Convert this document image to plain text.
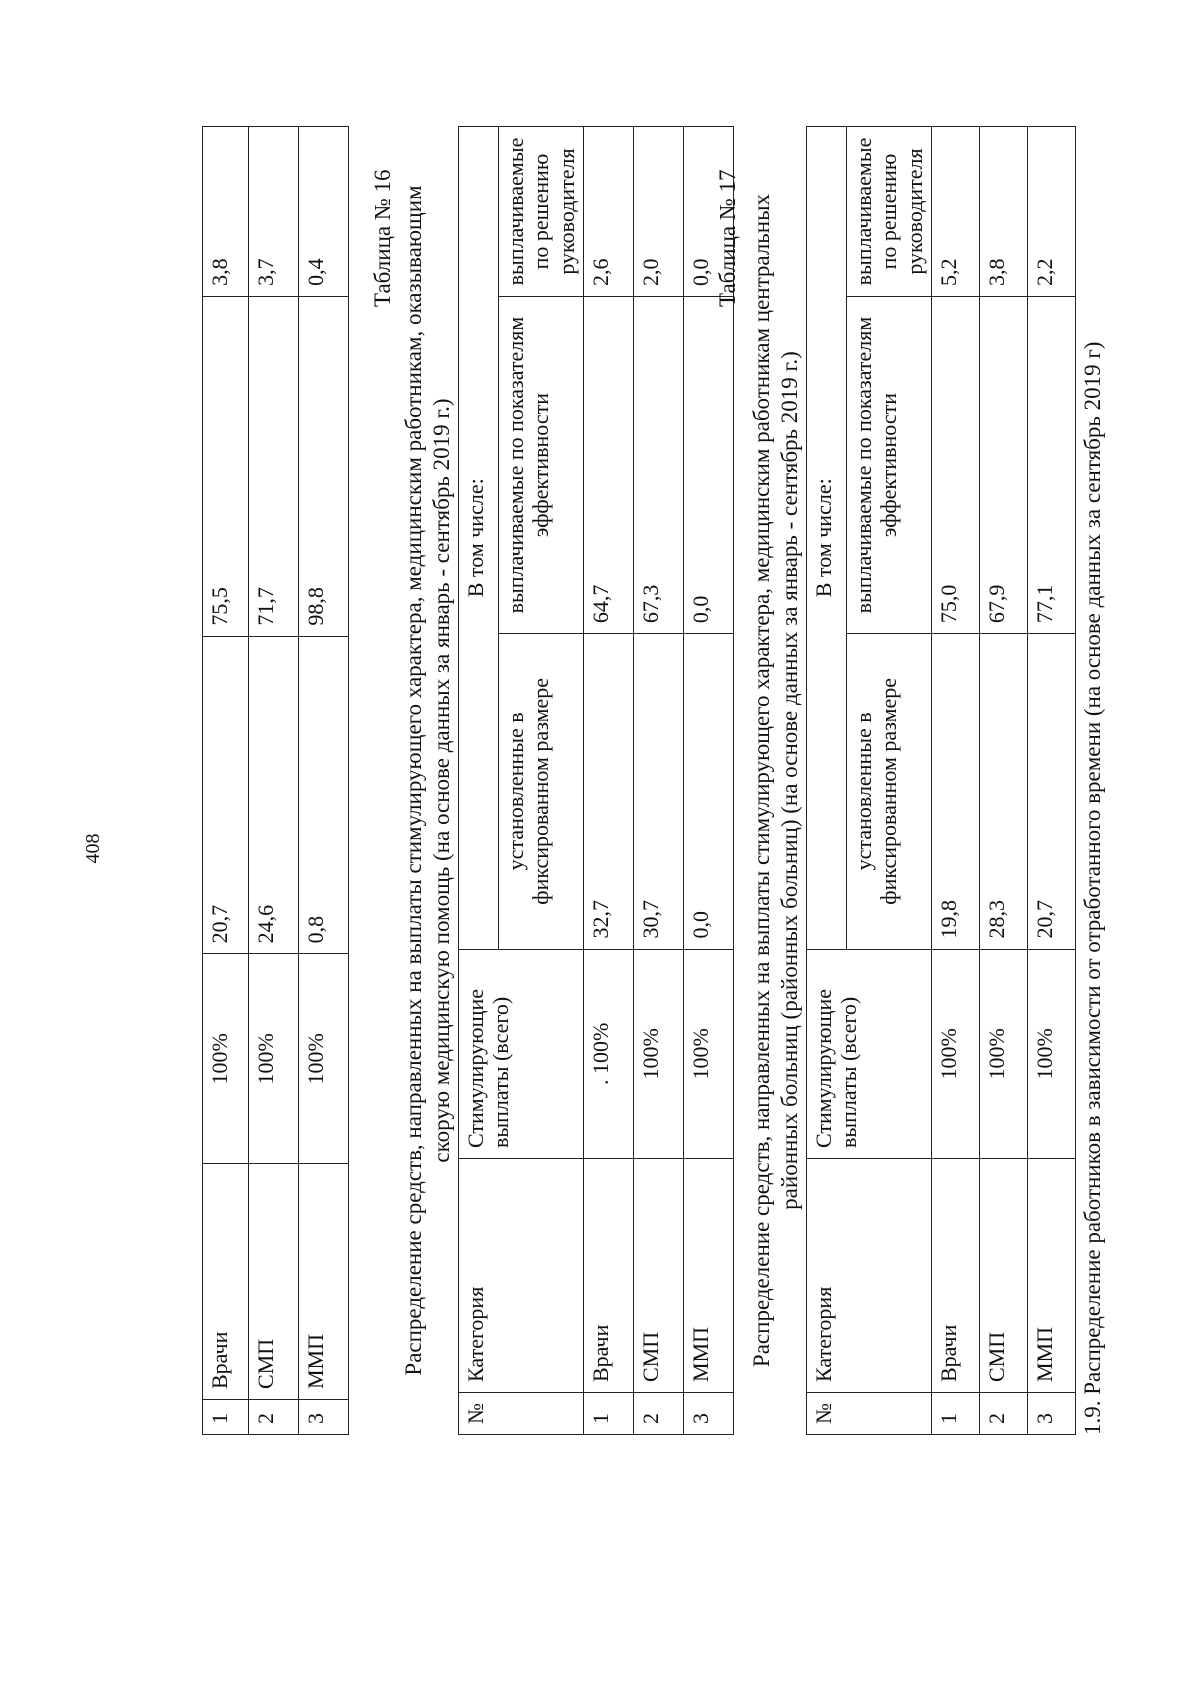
408
1	Врачи	100%	20,7	75,5	3,8
2	СМП	100%	24,6	71,7	3,7
3	ММП	100%	0,8	98,8	0,4 Таблица № 16 Распределение средств, направленных на выплаты стимулирующего характера, медицинским работникам, оказывающим скорую медицинскую помощь (на основе данных за январь - сентябрь 2019 г.)
№	Категория	Стимулирующие выплаты (всего)	В том числе:		
			установленные в фиксированном размере	выплачиваемые по показателям эффективности	выплачиваемые по решению руководителя
1	Врачи	. 100%	32,7	64,7	2,6
2	СМП	100%	30,7	67,3	2,0
3	ММП	100%	0,0	0,0	0,0 Таблица № 17 Распределение средств, направленных на выплаты стимулирующего характера, медицинским работникам центральных районных больниц (районных больниц) (на основе данных за январь - сентябрь 2019 г.)
№	Категория	Стимулирующие выплаты (всего)	В том числе:		
			установленные в фиксированном размере	выплачиваемые по показателям эффективности	выплачиваемые по решению руководителя
1	Врачи	100%	19,8	75,0	5,2
2	СМП	100%	28,3	67,9	3,8
3	ММП	100%	20,7	77,1	2,2
1.9. Распределение работников в зависимости от отработанного времени (на основе данных за сентябрь 2019 г)
